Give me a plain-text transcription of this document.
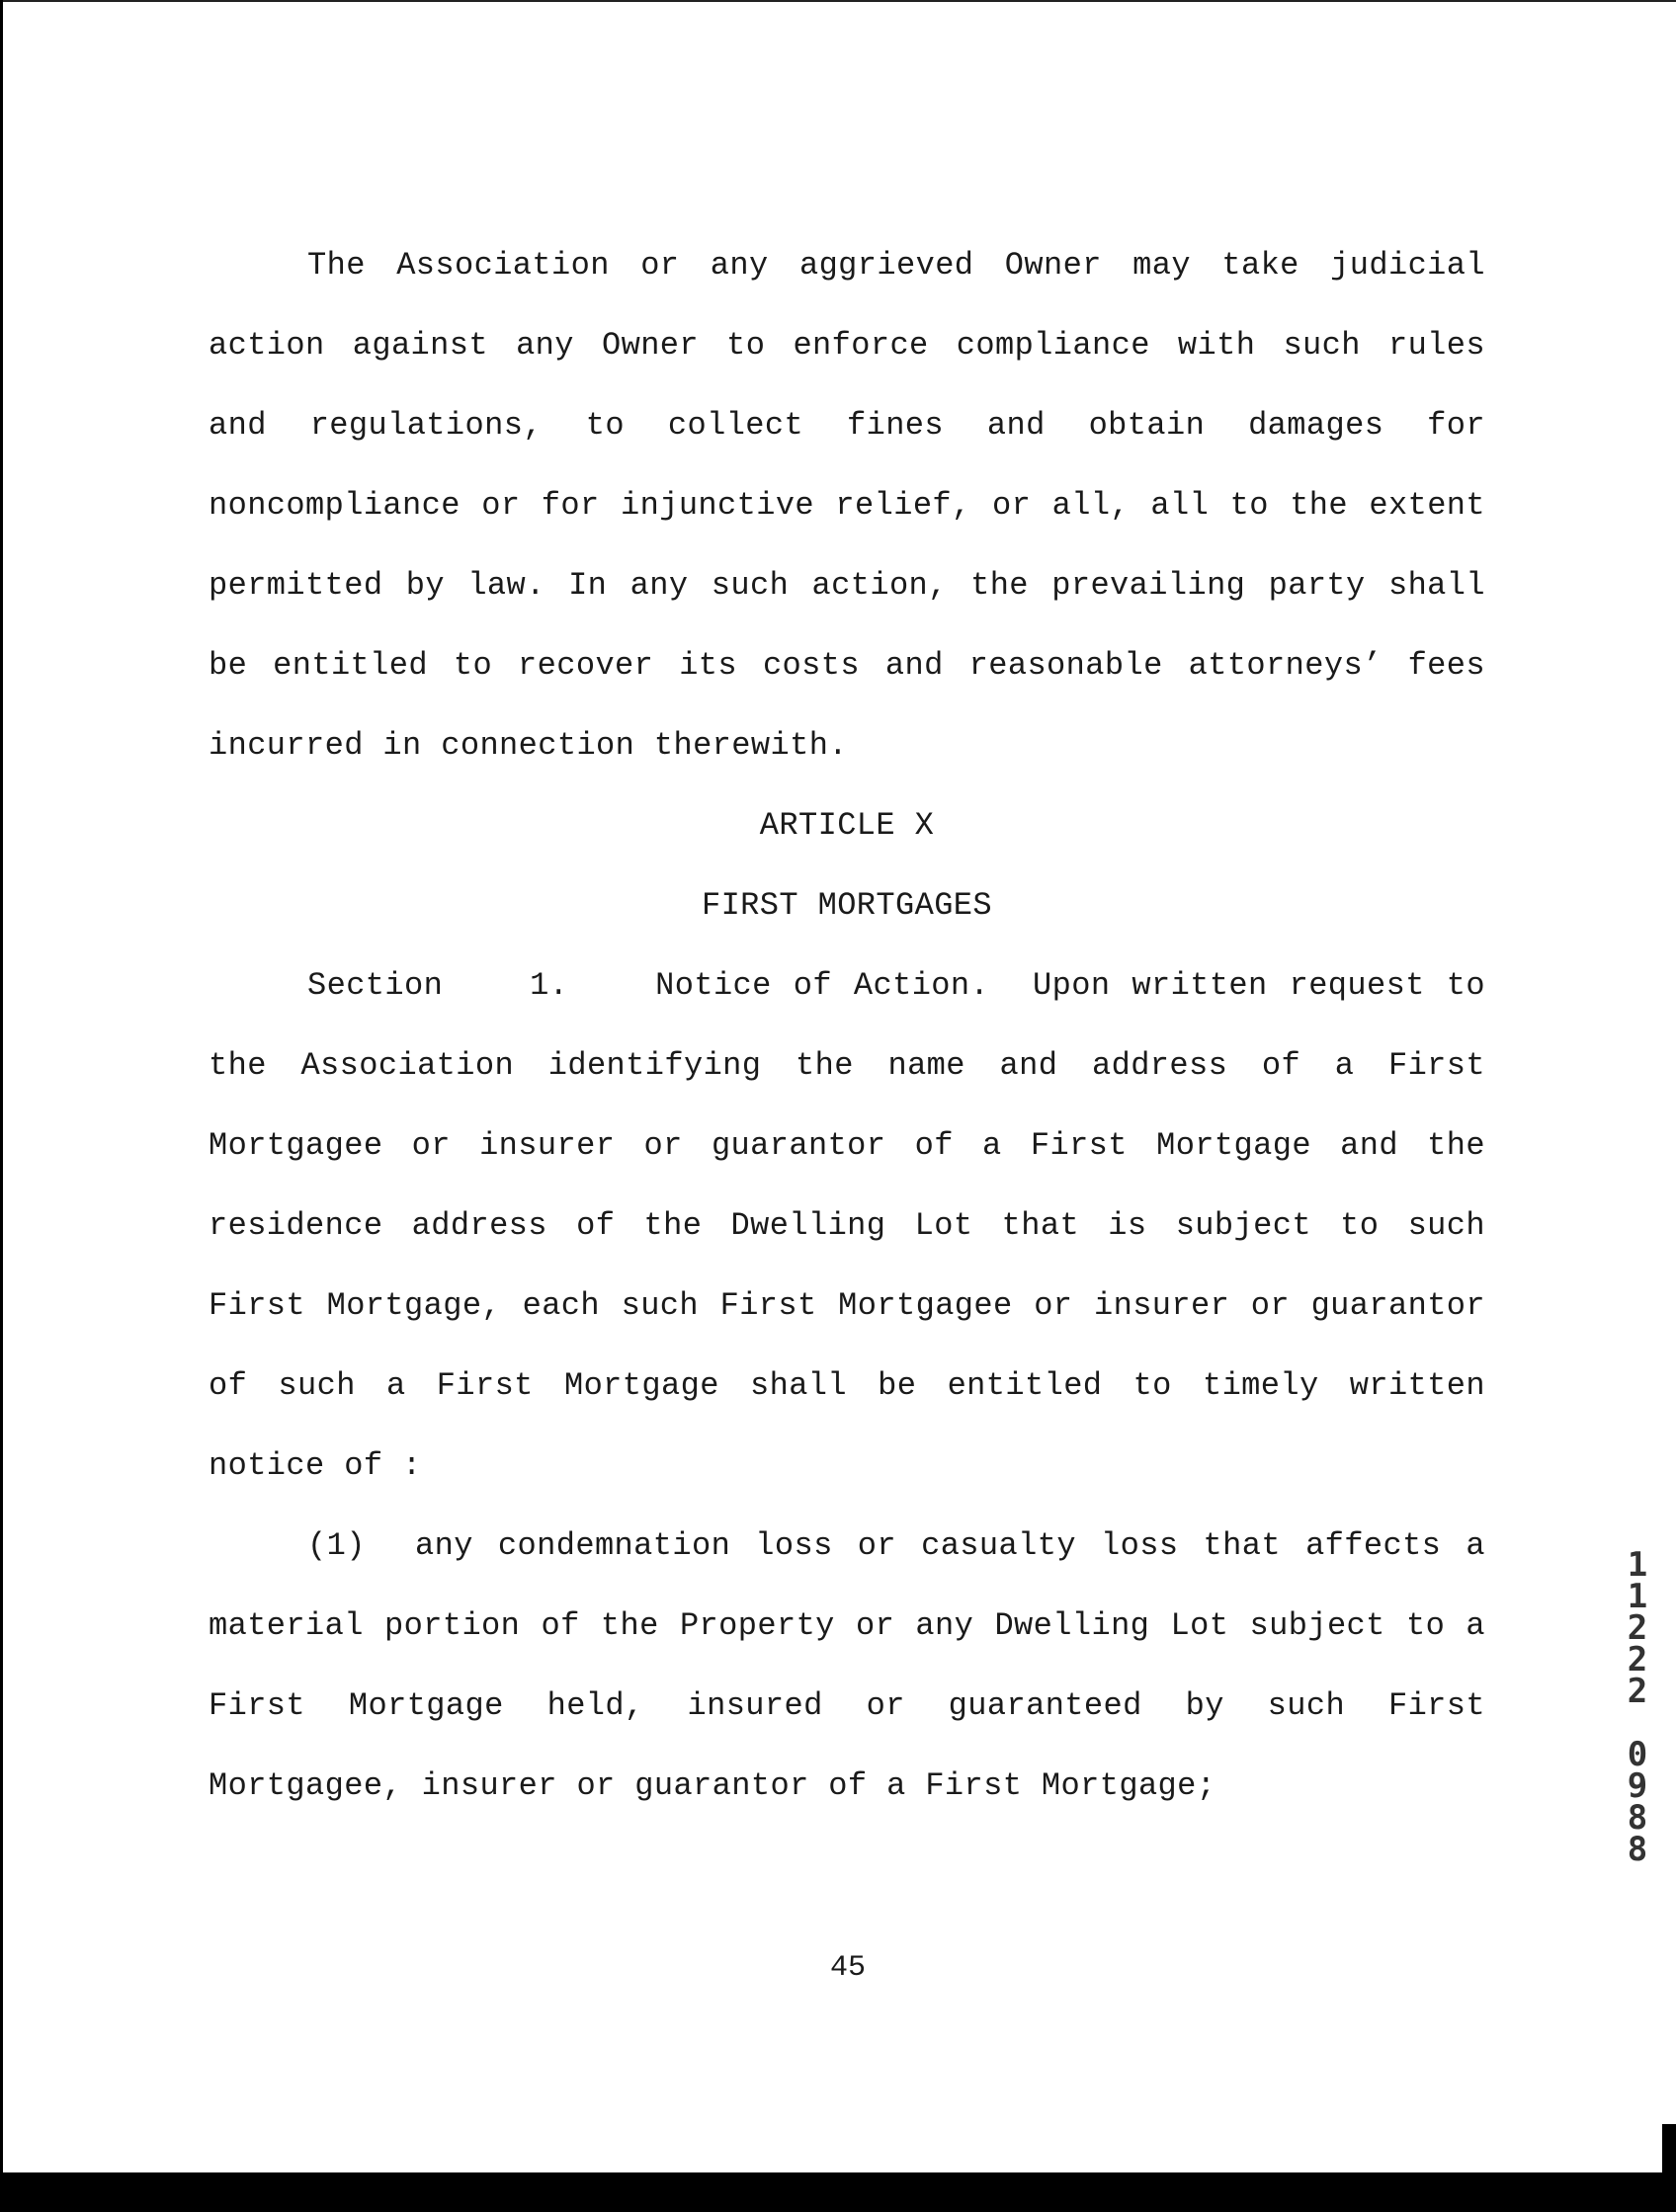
The Association or any aggrieved Owner may take judicial action against any Owner to enforce compliance with such rules and regulations, to collect fines and obtain damages for noncompliance or for injunctive relief, or all, all to the extent permitted by law. In any such action, the prevailing party shall be entitled to recover its costs and reasonable attorneys’ fees incurred in connection therewith.

ARTICLE X

FIRST MORTGAGES

Section    1.    Notice of Action.  Upon written request to the Association identifying the name and address of a First Mortgagee or insurer or guarantor of a First Mortgage and the residence address of the Dwelling Lot that is subject to such First Mortgage, each such First Mortgagee or insurer or guarantor of such a First Mortgage shall be entitled to timely written notice of :

(1)  any condemnation loss or casualty loss that affects a material portion of the Property or any Dwelling Lot subject to a First Mortgage held, insured or guaranteed by such First Mortgagee, insurer or guarantor of a First Mortgage;

45
1
1
2
2
2

0
9
8
8
